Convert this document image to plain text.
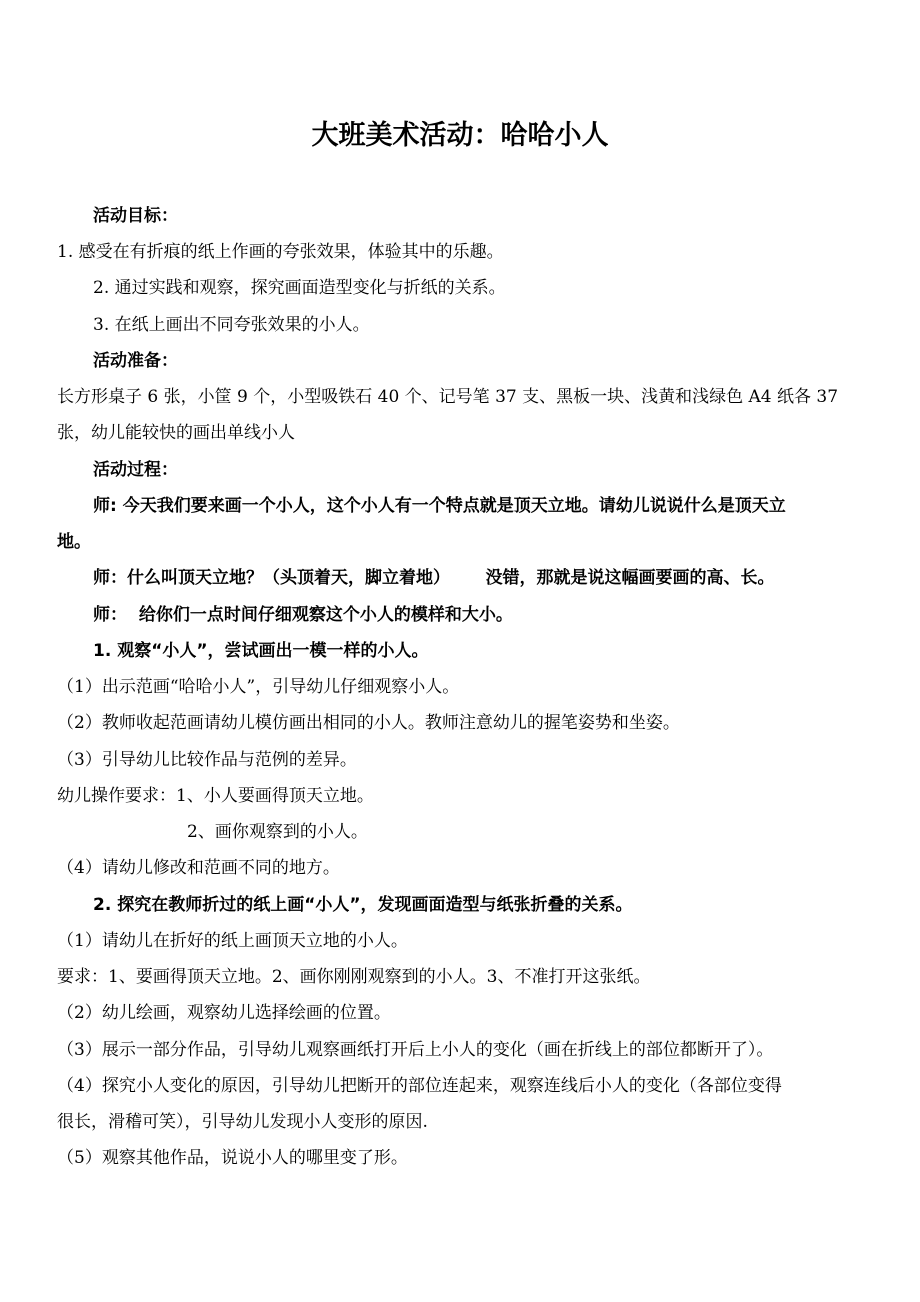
大班美术活动：哈哈小人
活动目标：
1. 感受在有折痕的纸上作画的夸张效果，体验其中的乐趣。
2. 通过实践和观察，探究画面造型变化与折纸的关系。
3. 在纸上画出不同夸张效果的小人。
活动准备：
长方形桌子 6 张，小筐 9 个，小型吸铁石 40 个、记号笔 37 支、黑板一块、浅黄和浅绿色 A4 纸各 37
张，幼儿能较快的画出单线小人
活动过程：
师: 今天我们要来画一个小人，这个小人有一个特点就是顶天立地。请幼儿说说什么是顶天立
地。
师：什么叫顶天立地？（头顶着天，脚立着地）      没错，那就是说这幅画要画的高、长。
师：  给你们一点时间仔细观察这个小人的模样和大小。
1. 观察“小人”，尝试画出一模一样的小人。
（1）出示范画“哈哈小人”，引导幼儿仔细观察小人。
（2）教师收起范画请幼儿模仿画出相同的小人。教师注意幼儿的握笔姿势和坐姿。
（3）引导幼儿比较作品与范例的差异。
幼儿操作要求：1、小人要画得顶天立地。
2、画你观察到的小人。
（4）请幼儿修改和范画不同的地方。
2. 探究在教师折过的纸上画“小人”，发现画面造型与纸张折叠的关系。
（1）请幼儿在折好的纸上画顶天立地的小人。
要求：1、要画得顶天立地。2、画你刚刚观察到的小人。3、不准打开这张纸。
（2）幼儿绘画，观察幼儿选择绘画的位置。
（3）展示一部分作品，引导幼儿观察画纸打开后上小人的变化（画在折线上的部位都断开了）。
（4）探究小人变化的原因，引导幼儿把断开的部位连起来，观察连线后小人的变化（各部位变得
很长，滑稽可笑），引导幼儿发现小人变形的原因.
（5）观察其他作品，说说小人的哪里变了形。
